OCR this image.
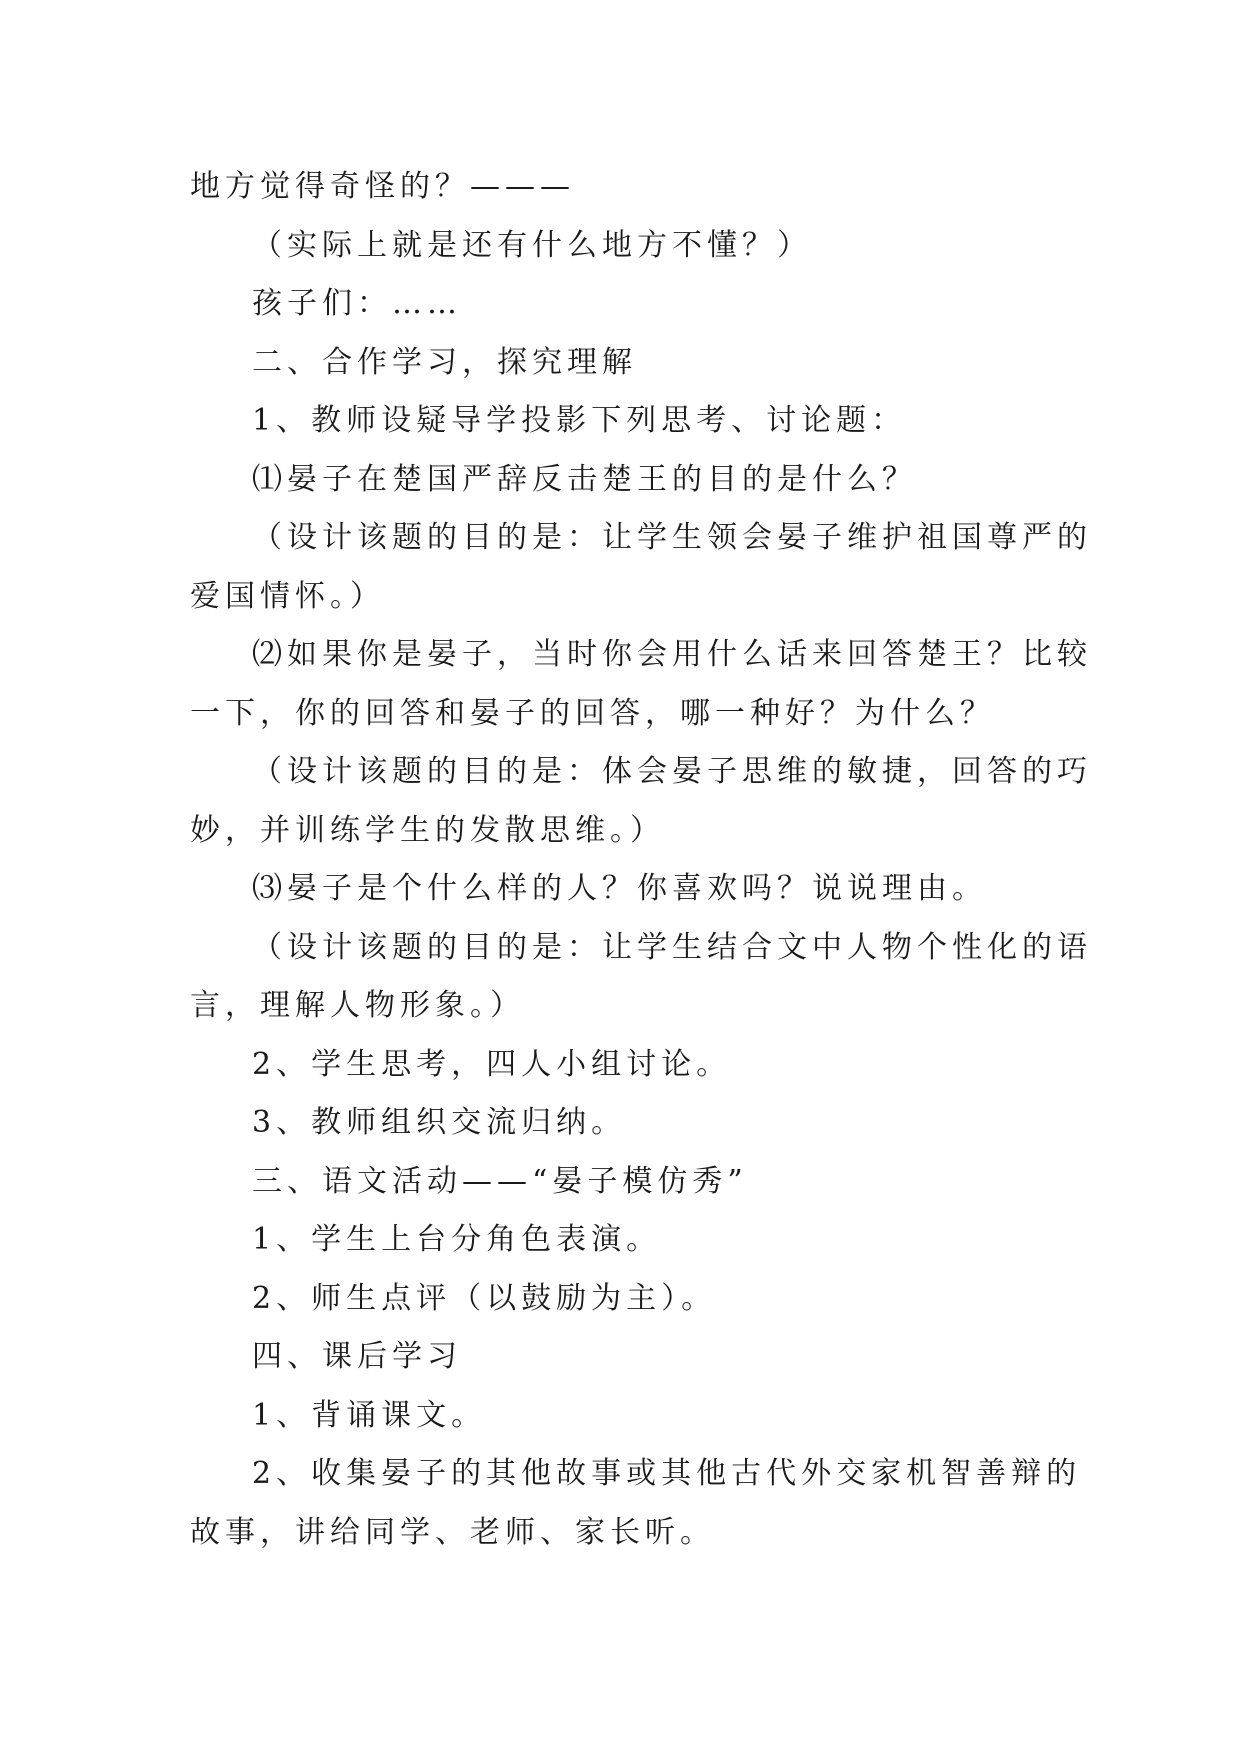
地方觉得奇怪的？———
（实际上就是还有什么地方不懂？）
孩子们：……
二、合作学习，探究理解
1、教师设疑导学投影下列思考、讨论题：
⑴晏子在楚国严辞反击楚王的目的是什么？
（设计该题的目的是：让学生领会晏子维护祖国尊严的
爱国情怀。）
⑵如果你是晏子，当时你会用什么话来回答楚王？比较
一下，你的回答和晏子的回答，哪一种好？为什么？
（设计该题的目的是：体会晏子思维的敏捷，回答的巧
妙，并训练学生的发散思维。）
⑶晏子是个什么样的人？你喜欢吗？说说理由。
（设计该题的目的是：让学生结合文中人物个性化的语
言，理解人物形象。）
2、学生思考，四人小组讨论。
3、教师组织交流归纳。
三、语文活动——“晏子模仿秀”
1、学生上台分角色表演。
2、师生点评（以鼓励为主）。
四、课后学习
1、背诵课文。
2、收集晏子的其他故事或其他古代外交家机智善辩的
故事，讲给同学、老师、家长听。
